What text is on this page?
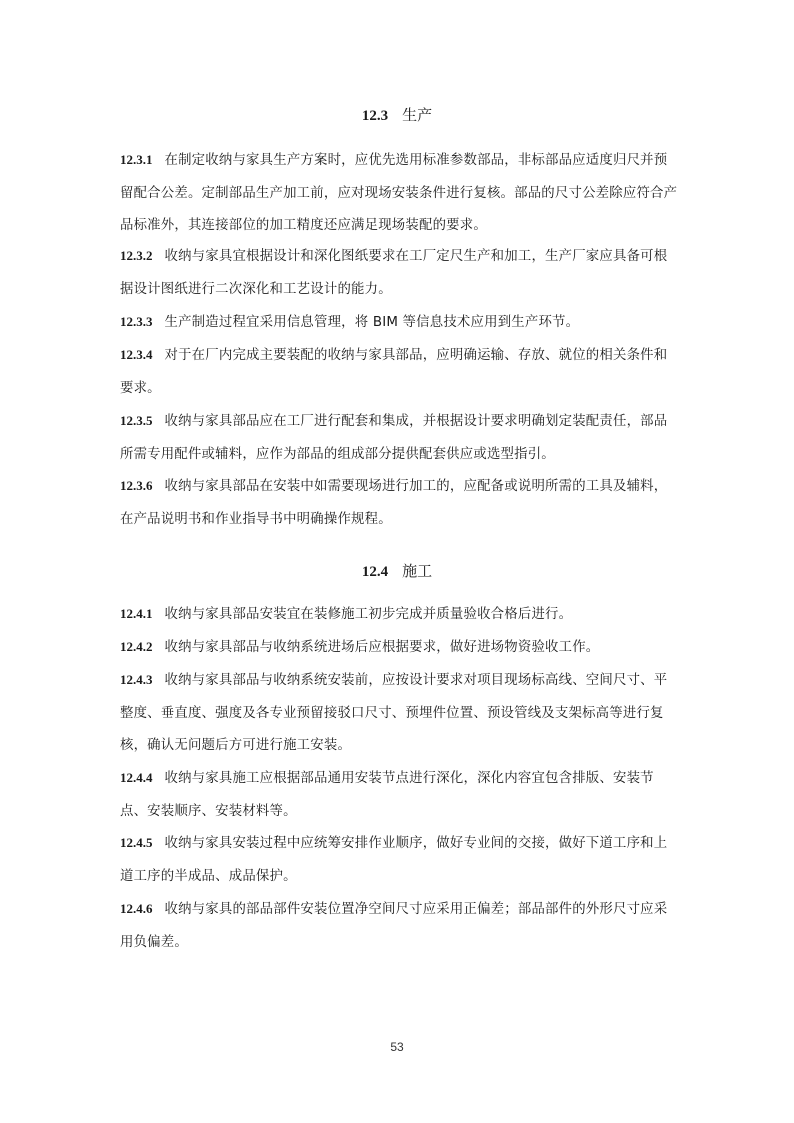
12.3 生产
12.3.1 在制定收纳与家具生产方案时，应优先选用标准参数部品，非标部品应适度归尺并预留配合公差。定制部品生产加工前，应对现场安装条件进行复核。部品的尺寸公差除应符合产品标准外，其连接部位的加工精度还应满足现场装配的要求。
12.3.2 收纳与家具宜根据设计和深化图纸要求在工厂定尺生产和加工，生产厂家应具备可根据设计图纸进行二次深化和工艺设计的能力。
12.3.3 生产制造过程宜采用信息管理，将 BIM 等信息技术应用到生产环节。
12.3.4 对于在厂内完成主要装配的收纳与家具部品，应明确运输、存放、就位的相关条件和要求。
12.3.5 收纳与家具部品应在工厂进行配套和集成，并根据设计要求明确划定装配责任，部品所需专用配件或辅料，应作为部品的组成部分提供配套供应或选型指引。
12.3.6 收纳与家具部品在安装中如需要现场进行加工的，应配备或说明所需的工具及辅料，在产品说明书和作业指导书中明确操作规程。
12.4 施工
12.4.1 收纳与家具部品安装宜在装修施工初步完成并质量验收合格后进行。
12.4.2 收纳与家具部品与收纳系统进场后应根据要求，做好进场物资验收工作。
12.4.3 收纳与家具部品与收纳系统安装前，应按设计要求对项目现场标高线、空间尺寸、平整度、垂直度、强度及各专业预留接驳口尺寸、预埋件位置、预设管线及支架标高等进行复核，确认无问题后方可进行施工安装。
12.4.4 收纳与家具施工应根据部品通用安装节点进行深化，深化内容宜包含排版、安装节点、安装顺序、安装材料等。
12.4.5 收纳与家具安装过程中应统筹安排作业顺序，做好专业间的交接，做好下道工序和上道工序的半成品、成品保护。
12.4.6 收纳与家具的部品部件安装位置净空间尺寸应采用正偏差；部品部件的外形尺寸应采用负偏差。
53
